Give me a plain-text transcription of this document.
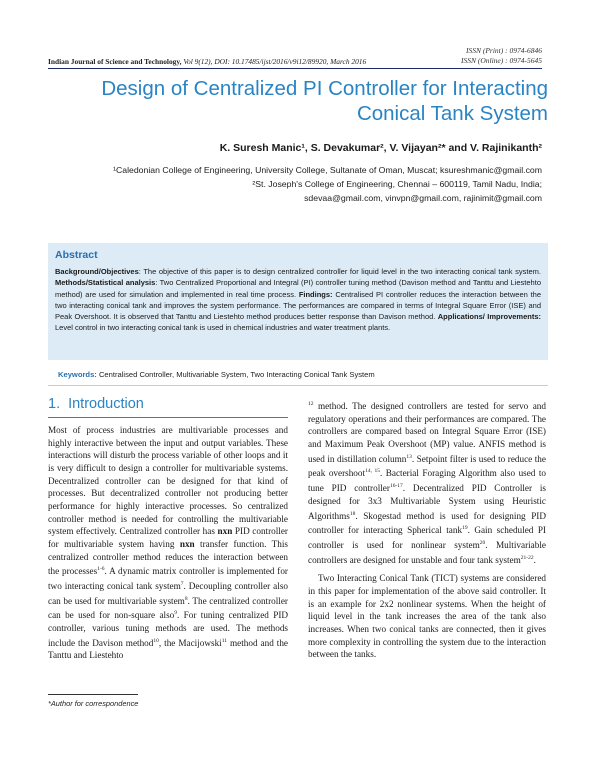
ISSN (Print) : 0974-6846
ISSN (Online) : 0974-5645
Indian Journal of Science and Technology, Vol 9(12), DOI: 10.17485/ijst/2016/v9i12/89920, March 2016
Design of Centralized PI Controller for Interacting
Conical Tank System
K. Suresh Manic¹, S. Devakumar², V. Vijayan²* and V. Rajinikanth²
¹Caledonian College of Engineering, University College, Sultanate of Oman, Muscat; ksureshmanic@gmail.com
²St. Joseph's College of Engineering, Chennai – 600119, Tamil Nadu, India;
sdevaa@gmail.com, vinvpn@gmail.com, rajinimit@gmail.com
Abstract
Background/Objectives: The objective of this paper is to design centralized controller for liquid level in the two interacting conical tank system. Methods/Statistical analysis: Two Centralized Proportional and Integral (PI) controller tuning method (Davison method and Tanttu and Liestehto method) are used for simulation and implemented in real time process. Findings: Centralised PI controller reduces the interaction between the two interacting conical tank and improves the system performance. The performances are compared in terms of Integral Square Error (ISE) and Peak Overshoot. It is observed that Tanttu and Liestehto method produces better response than Davison method. Applications/ Improvements: Level control in two interacting conical tank is used in chemical industries and water treatment plants.
Keywords: Centralised Controller, Multivariable System, Two Interacting Conical Tank System
1. Introduction

Most of process industries are multivariable processes and highly interactive between the input and output variables. These interactions will disturb the process variable of other loops and it is very difficult to design a controller for multivariable systems. Decentralized controller can be designed for that kind of processes. But decentralized controller not producing better performance for highly interactive processes. So centralized controller method is needed for controlling the multivariable system effectively. Centralized controller has nxn PID controller for multivariable system having nxn transfer function. This centralized controller method reduces the interaction between the processes$^{1-6}$. A dynamic matrix controller is implemented for two interacting conical tank system$^7$. Decoupling controller also can be used for multivariable system$^8$. The centralized controller can be used for non-square also$^9$. For tuning centralized PID controller, various tuning methods are used. The methods include the Davison method$^{10}$, the Macijowski$^{11}$ method and the Tanttu and Liestehto

$^{12}$ method. The designed controllers are tested for servo and regulatory operations and their performances are compared. The controllers are compared based on Integral Square Error (ISE) and Maximum Peak Overshoot (MP) value. ANFIS method is used in distillation column$^{13}$. Setpoint filter is used to reduce the peak overshoot$^{14, 15}$. Bacterial Foraging Algorithm also used to tune PID controller$^{16-17}$. Decentralized PID Controller is designed for 3x3 Multivariable System using Heuristic Algorithms$^{18}$. Skogestad method is used for designing PID controller for interacting Spherical tank$^{19}$. Gain scheduled PI controller is used for nonlinear system$^{20}$. Multivariable controllers are designed for unstable and four tank system$^{21-22}$.

Two Interacting Conical Tank (TICT) systems are considered in this paper for implementation of the above said controller. It is an example for 2x2 nonlinear systems. When the height of liquid level in the tank increases the area of the tank also increases. When two conical tanks are connected, then it gives more complexity in controlling the system due to the interaction between the tanks.

*Author for correspondence
